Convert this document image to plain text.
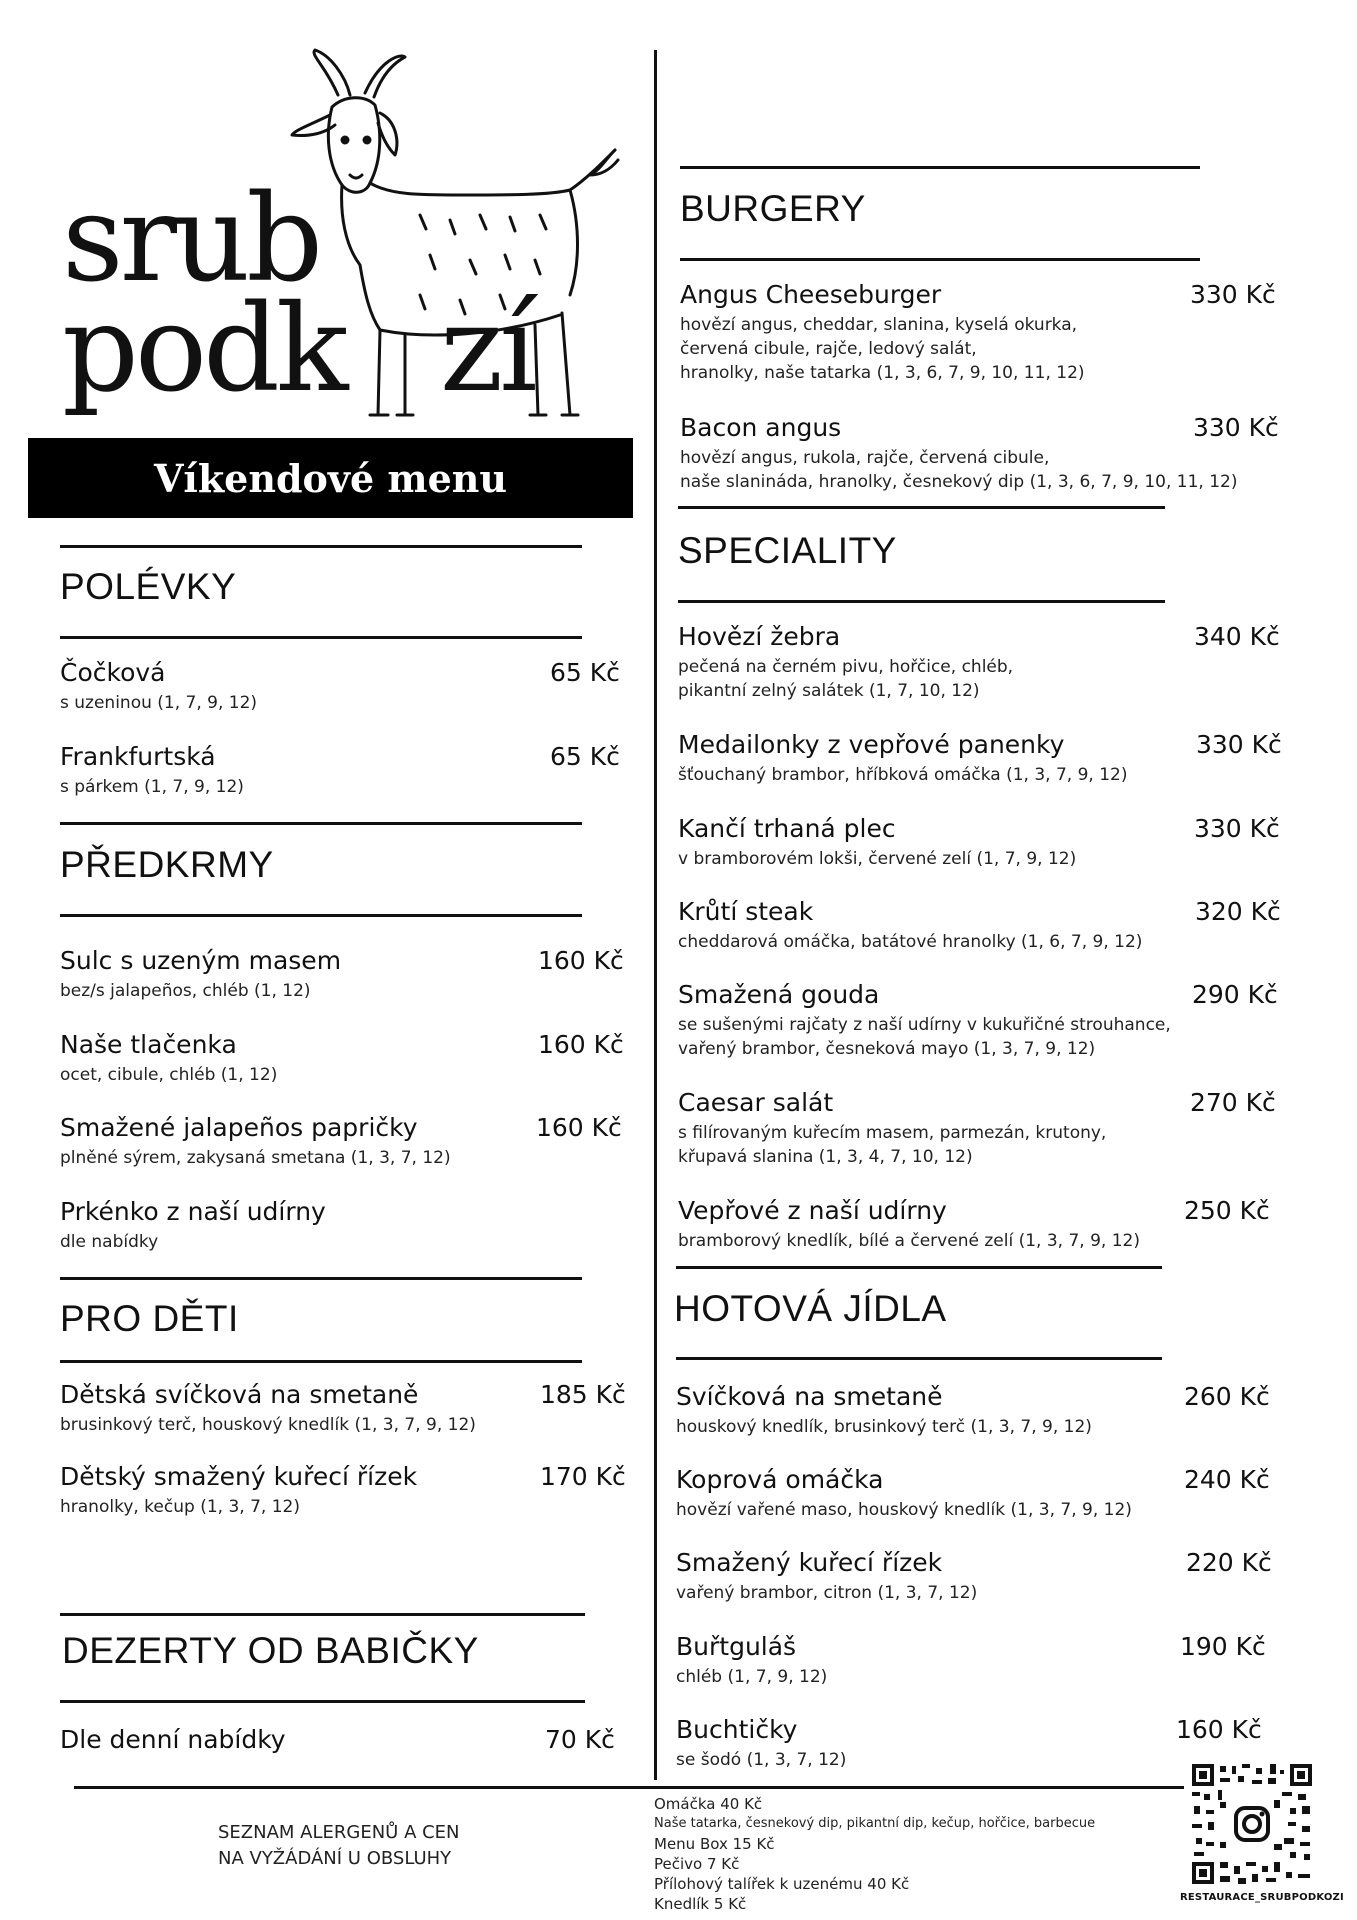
srub
podk zí
Víkendové menu
POLÉVKY
Čočková	65 Kč
s uzeninou (1, 7, 9, 12)
Frankfurtská	65 Kč
s párkem (1, 7, 9, 12)
PŘEDKRMY
Sulc s uzeným masem	160 Kč
bez/s jalapeños, chléb (1, 12)
Naše tlačenka	160 Kč
ocet, cibule, chléb (1, 12)
Smažené jalapeños papričky	160 Kč
plněné sýrem, zakysaná smetana (1, 3, 7, 12)
Prkénko z naší udírny
dle nabídky
PRO DĚTI
Dětská svíčková na smetaně	185 Kč
brusinkový terč, houskový knedlík (1, 3, 7, 9, 12)
Dětský smažený kuřecí řízek	170 Kč
hranolky, kečup (1, 3, 7, 12)
DEZERTY OD BABIČKY
Dle denní nabídky	70 Kč
BURGERY
Angus Cheeseburger	330 Kč
hovězí angus, cheddar, slanina, kyselá okurka,
červená cibule, rajče, ledový salát,
hranolky, naše tatarka (1, 3, 6, 7, 9, 10, 11, 12)
Bacon angus	330 Kč
hovězí angus, rukola, rajče, červená cibule,
naše slanináda, hranolky, česnekový dip (1, 3, 6, 7, 9, 10, 11, 12)
SPECIALITY
Hovězí žebra	340 Kč
pečená na černém pivu, hořčice, chléb,
pikantní zelný salátek (1, 7, 10, 12)
Medailonky z vepřové panenky	330 Kč
šťouchaný brambor, hříbková omáčka (1, 3, 7, 9, 12)
Kančí trhaná plec	330 Kč
v bramborovém lokši, červené zelí (1, 7, 9, 12)
Krůtí steak	320 Kč
cheddarová omáčka, batátové hranolky (1, 6, 7, 9, 12)
Smažená gouda	290 Kč
se sušenými rajčaty z naší udírny v kukuřičné strouhance,
vařený brambor, česneková mayo (1, 3, 7, 9, 12)
Caesar salát	270 Kč
s filírovaným kuřecím masem, parmezán, krutony,
křupavá slanina (1, 3, 4, 7, 10, 12)
Vepřové z naší udírny	250 Kč
bramborový knedlík, bílé a červené zelí (1, 3, 7, 9, 12)
HOTOVÁ JÍDLA
Svíčková na smetaně	260 Kč
houskový knedlík, brusinkový terč (1, 3, 7, 9, 12)
Koprová omáčka	240 Kč
hovězí vařené maso, houskový knedlík (1, 3, 7, 9, 12)
Smažený kuřecí řízek	220 Kč
vařený brambor, citron (1, 3, 7, 12)
Buřtguláš	190 Kč
chléb (1, 7, 9, 12)
Buchtičky	160 Kč
se šodó (1, 3, 7, 12)
SEZNAM ALERGENŮ A CEN
NA VYŽÁDÁNÍ U OBSLUHY
Omáčka 40 Kč
Naše tatarka, česnekový dip, pikantní dip, kečup, hořčice, barbecue
Menu Box 15 Kč
Pečivo 7 Kč
Přílohový talířek k uzenému 40 Kč
Knedlík 5 Kč	RESTAURACE_SRUBPODKOZI
